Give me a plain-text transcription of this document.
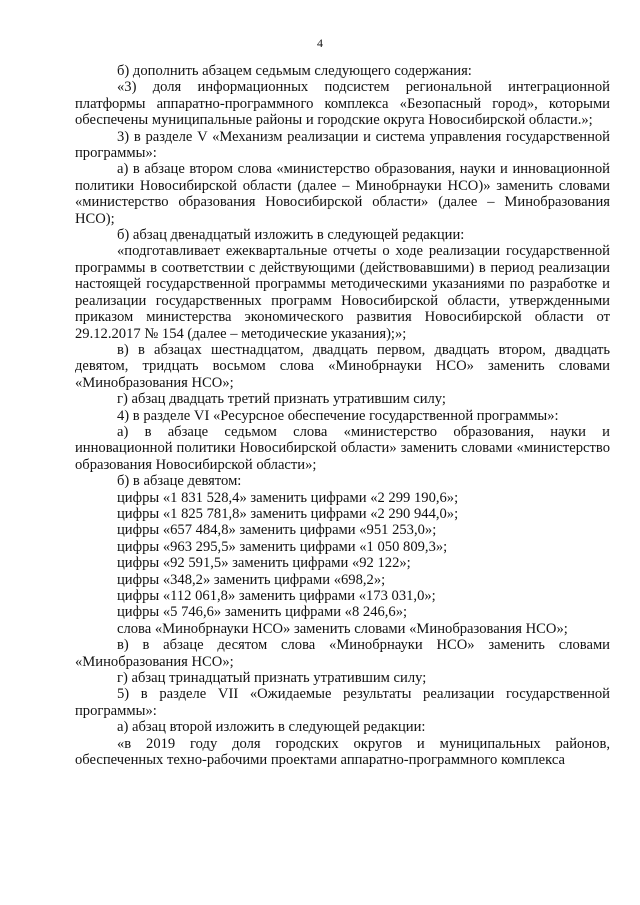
4

б) дополнить абзацем седьмым следующего содержания:

«3) доля информационных подсистем региональной интеграционной платформы аппаратно-программного комплекса «Безопасный город», которыми обеспечены муниципальные районы и городские округа Новосибирской области.»;

3) в разделе V «Механизм реализации и система управления государственной программы»:

а) в абзаце втором слова «министерство образования, науки и инновационной политики Новосибирской области (далее – Минобрнауки НСО)» заменить словами «министерство образования Новосибирской области» (далее – Минобразования НСО);

б) абзац двенадцатый изложить в следующей редакции:

«подготавливает ежеквартальные отчеты о ходе реализации государственной программы в соответствии с действующими (действовавшими) в период реализации настоящей государственной программы методическими указаниями по разработке и реализации государственных программ Новосибирской области, утвержденными приказом министерства экономического развития Новосибирской области от 29.12.2017 № 154 (далее – методические указания);»;

в) в абзацах шестнадцатом, двадцать первом, двадцать втором, двадцать девятом, тридцать восьмом слова «Минобрнауки НСО» заменить словами «Минобразования НСО»;

г) абзац двадцать третий признать утратившим силу;

4) в разделе VI «Ресурсное обеспечение государственной программы»:

а) в абзаце седьмом слова «министерство образования, науки и инновационной политики Новосибирской области» заменить словами «министерство образования Новосибирской области»;

б) в абзаце девятом:

цифры «1 831 528,4» заменить цифрами «2 299 190,6»;

цифры «1 825 781,8» заменить цифрами «2 290 944,0»;

цифры «657 484,8» заменить цифрами «951 253,0»;

цифры «963 295,5» заменить цифрами «1 050 809,3»;

цифры «92 591,5» заменить цифрами «92 122»;

цифры «348,2» заменить цифрами «698,2»;

цифры «112 061,8» заменить цифрами «173 031,0»;

цифры «5 746,6» заменить цифрами «8 246,6»;

слова «Минобрнауки НСО» заменить словами «Минобразования НСО»;

в) в абзаце десятом слова «Минобрнауки НСО» заменить словами «Минобразования НСО»;

г) абзац тринадцатый признать утратившим силу;

5) в разделе VII «Ожидаемые результаты реализации государственной программы»:

а) абзац второй изложить в следующей редакции:

«в 2019 году доля городских округов и муниципальных районов, обеспеченных техно-рабочими проектами аппаратно-программного комплекса
